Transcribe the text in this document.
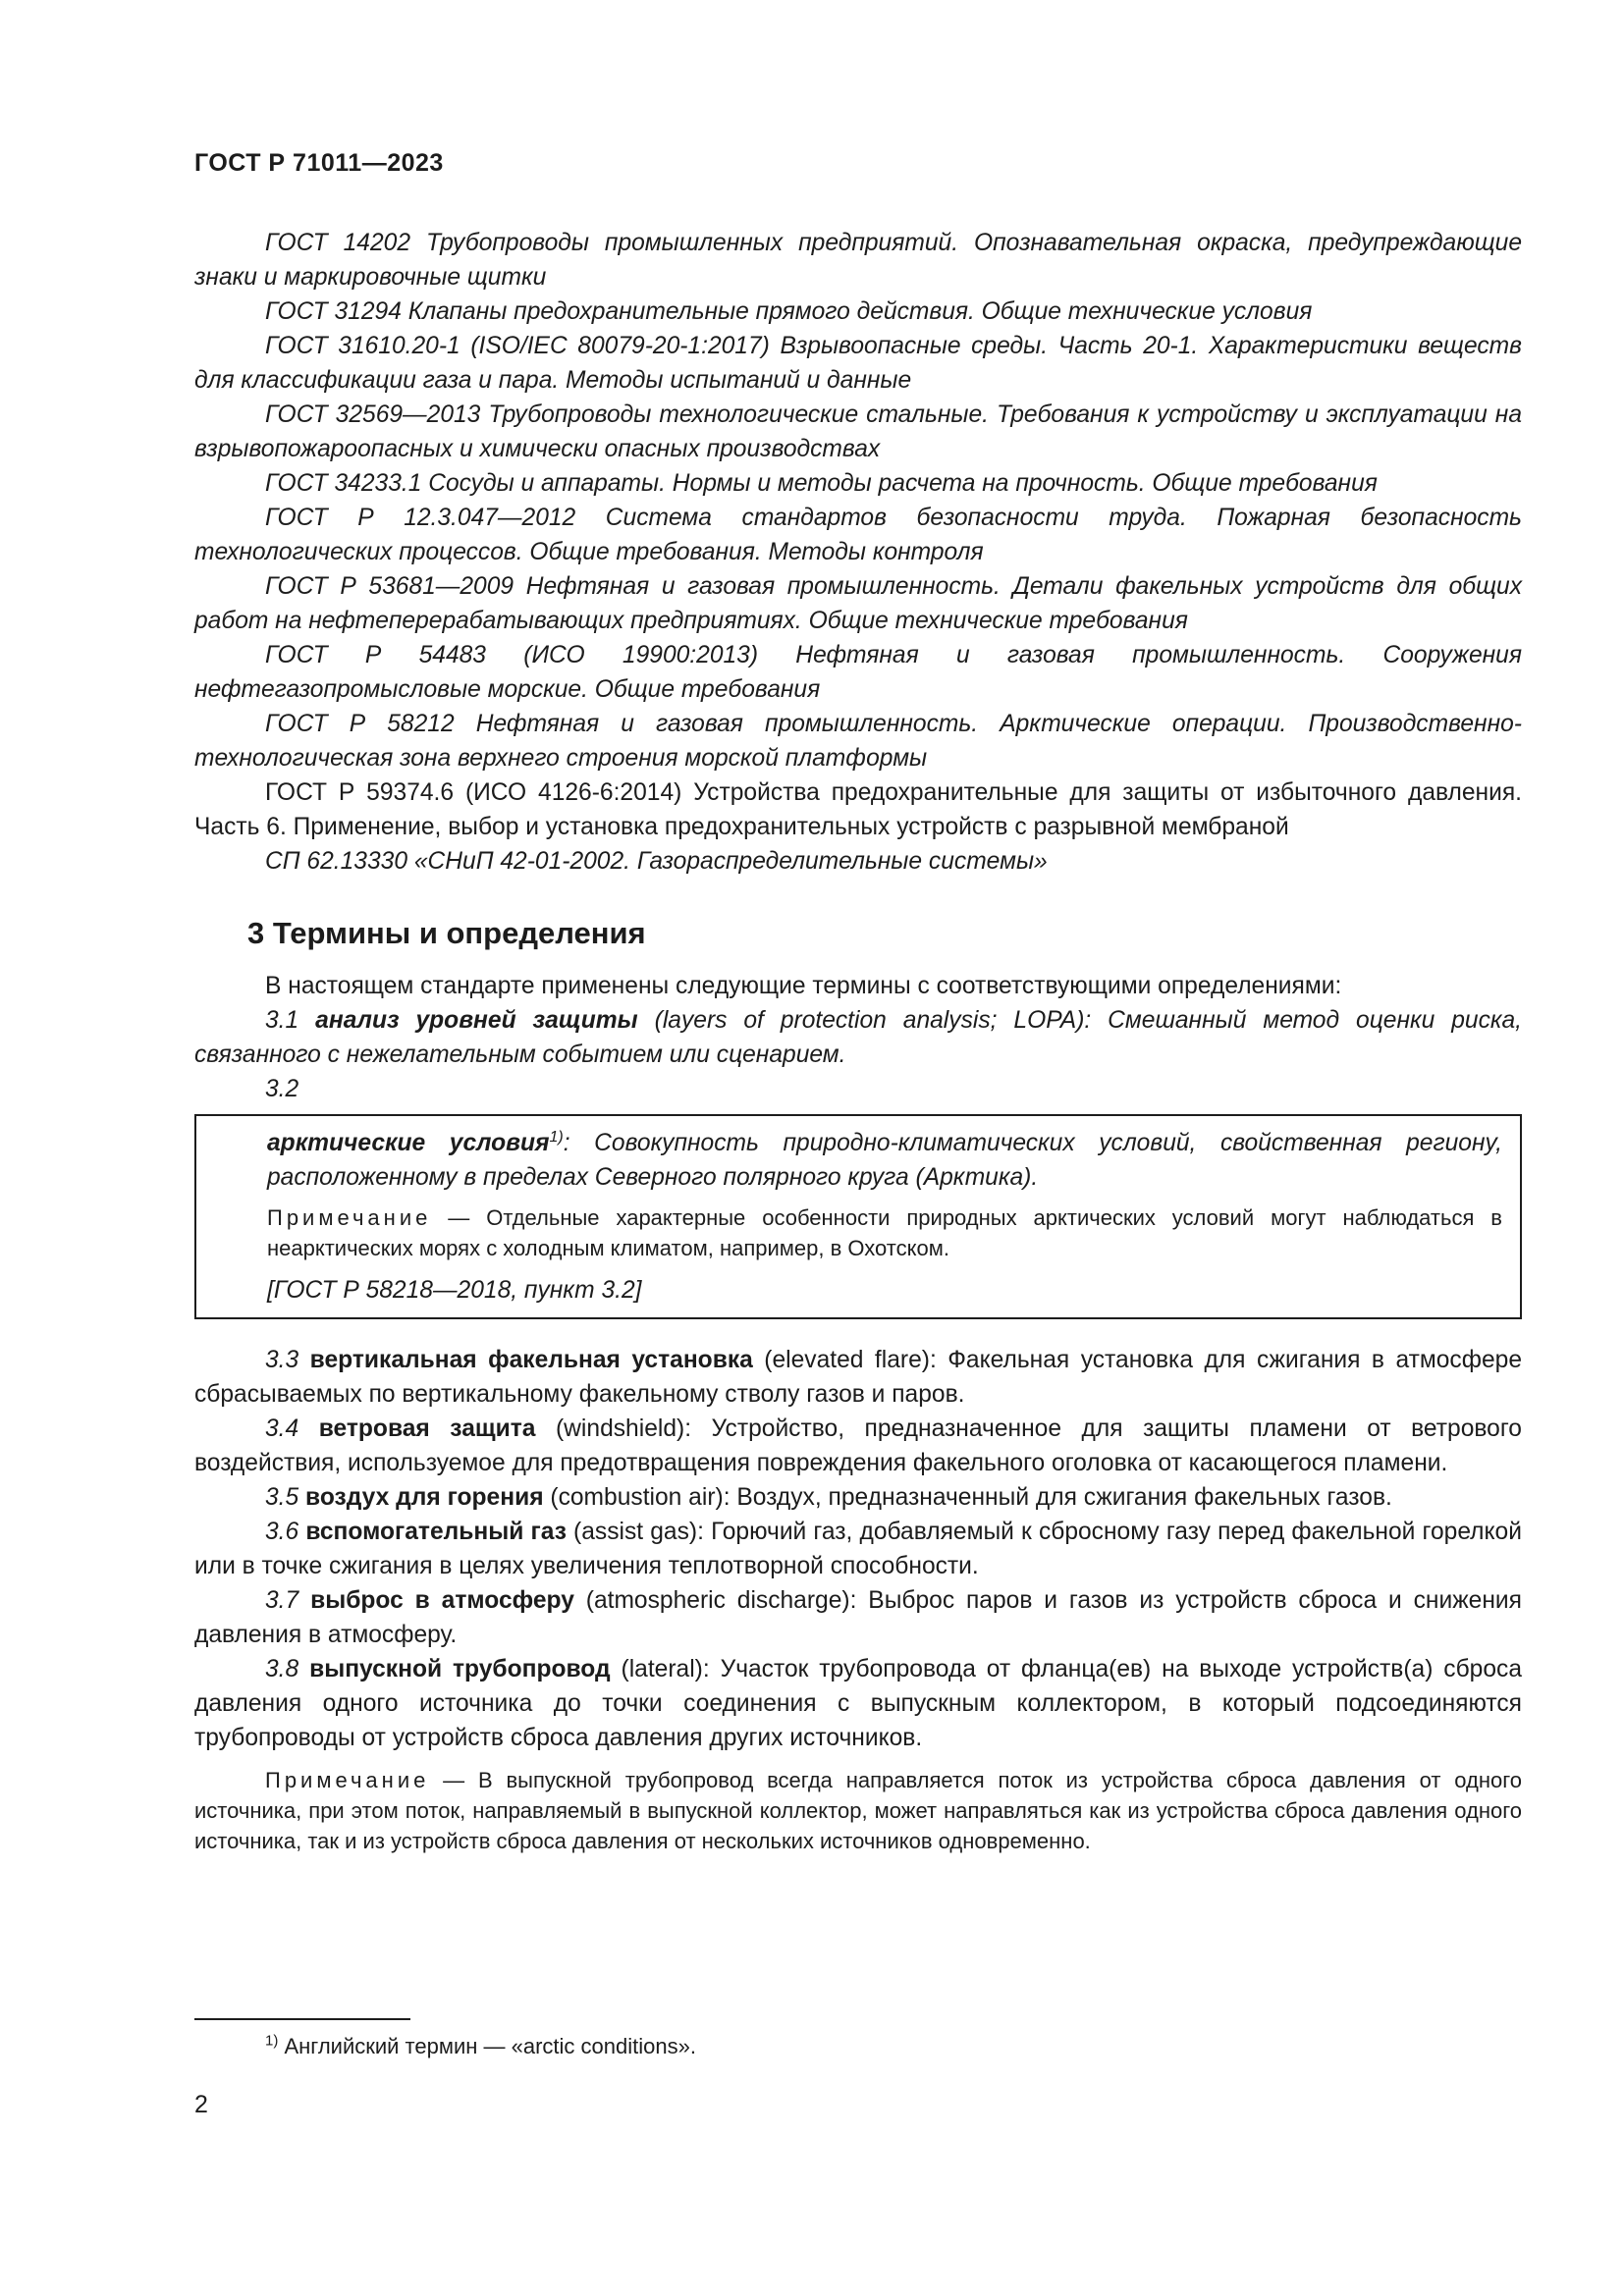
ГОСТ Р 71011—2023

ГОСТ 14202 Трубопроводы промышленных предприятий. Опознавательная окраска, предупреждающие знаки и маркировочные щитки

ГОСТ 31294 Клапаны предохранительные прямого действия. Общие технические условия

ГОСТ 31610.20-1 (ISO/IEC 80079-20-1:2017) Взрывоопасные среды. Часть 20-1. Характеристики веществ для классификации газа и пара. Методы испытаний и данные

ГОСТ 32569—2013 Трубопроводы технологические стальные. Требования к устройству и эксплуатации на взрывопожароопасных и химически опасных производствах

ГОСТ 34233.1 Сосуды и аппараты. Нормы и методы расчета на прочность. Общие требования

ГОСТ Р 12.3.047—2012 Система стандартов безопасности труда. Пожарная безопасность технологических процессов. Общие требования. Методы контроля

ГОСТ Р 53681—2009 Нефтяная и газовая промышленность. Детали факельных устройств для общих работ на нефтеперерабатывающих предприятиях. Общие технические требования

ГОСТ Р 54483 (ИСО 19900:2013) Нефтяная и газовая промышленность. Сооружения нефтегазопромысловые морские. Общие требования

ГОСТ Р 58212 Нефтяная и газовая промышленность. Арктические операции. Производственно-технологическая зона верхнего строения морской платформы

ГОСТ Р 59374.6 (ИСО 4126-6:2014) Устройства предохранительные для защиты от избыточного давления. Часть 6. Применение, выбор и установка предохранительных устройств с разрывной мембраной

СП 62.13330 «СНиП 42-01-2002. Газораспределительные системы»

3 Термины и определения

В настоящем стандарте применены следующие термины с соответствующими определениями:

3.1 анализ уровней защиты (layers of protection analysis; LOPA): Смешанный метод оценки риска, связанного с нежелательным событием или сценарием.

3.2

арктические условия$^{1)}$: Совокупность природно-климатических условий, свойственная региону, расположенному в пределах Северного полярного круга (Арктика).

Примечание — Отдельные характерные особенности природных арктических условий могут наблюдаться в неарктических морях с холодным климатом, например, в Охотском.

[ГОСТ Р 58218—2018, пункт 3.2]

3.3 вертикальная факельная установка (elevated flare): Факельная установка для сжигания в атмосфере сбрасываемых по вертикальному факельному стволу газов и паров.

3.4 ветровая защита (windshield): Устройство, предназначенное для защиты пламени от ветрового воздействия, используемое для предотвращения повреждения факельного оголовка от касающегося пламени.

3.5 воздух для горения (combustion air): Воздух, предназначенный для сжигания факельных газов.

3.6 вспомогательный газ (assist gas): Горючий газ, добавляемый к сбросному газу перед факельной горелкой или в точке сжигания в целях увеличения теплотворной способности.

3.7 выброс в атмосферу (atmospheric discharge): Выброс паров и газов из устройств сброса и снижения давления в атмосферу.

3.8 выпускной трубопровод (lateral): Участок трубопровода от фланца(ев) на выходе устройств(а) сброса давления одного источника до точки соединения с выпускным коллектором, в который подсоединяются трубопроводы от устройств сброса давления других источников.

Примечание — В выпускной трубопровод всегда направляется поток из устройства сброса давления от одного источника, при этом поток, направляемый в выпускной коллектор, может направляться как из устройства сброса давления одного источника, так и из устройств сброса давления от нескольких источников одновременно.

$^{1)}$ Английский термин — «arctic conditions».
2
